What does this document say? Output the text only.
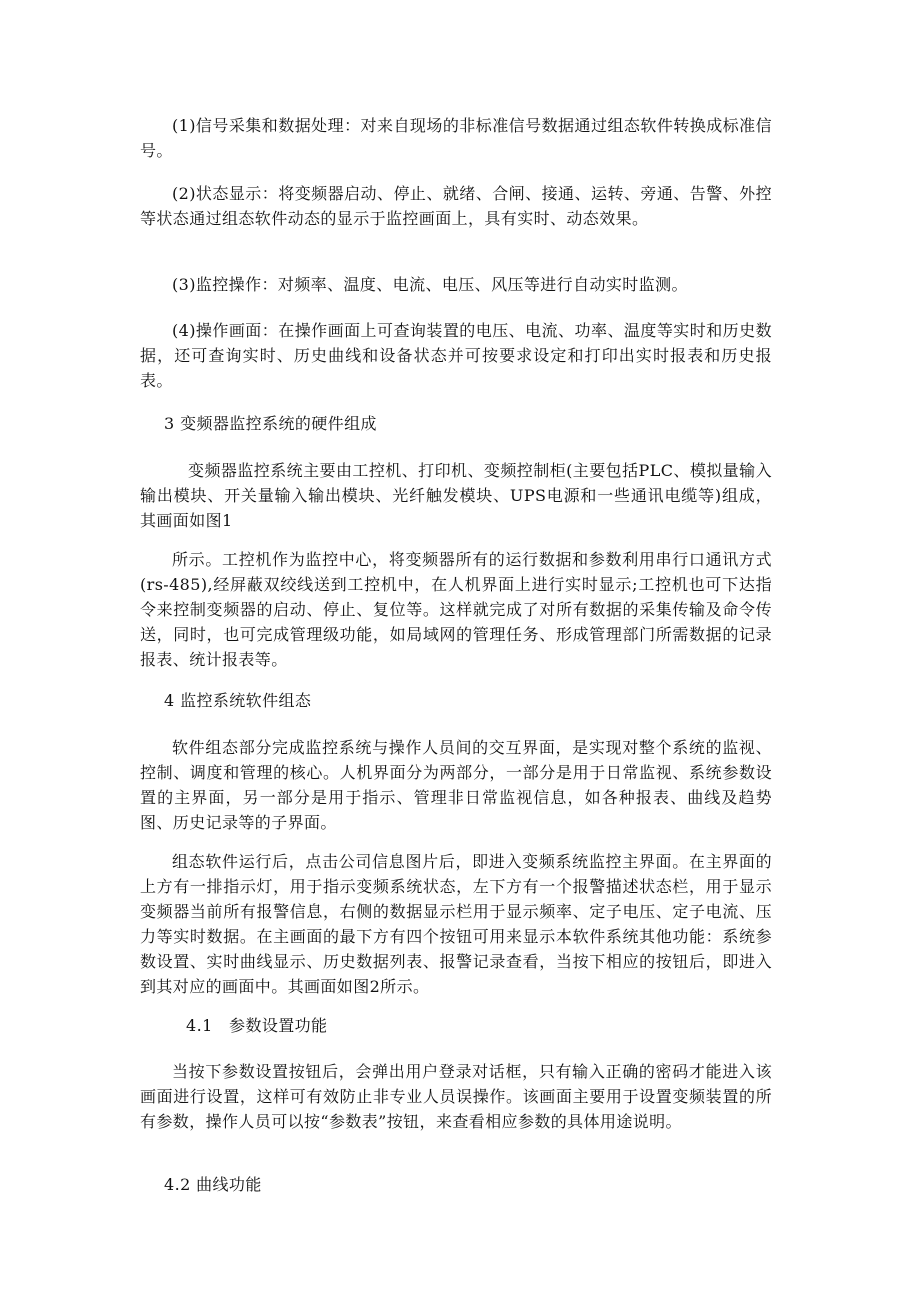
(1)信号采集和数据处理：对来自现场的非标准信号数据通过组态软件转换成标准信号。

(2)状态显示：将变频器启动、停止、就绪、合闸、接通、运转、旁通、告警、外控等状态通过组态软件动态的显示于监控画面上，具有实时、动态效果。

(3)监控操作：对频率、温度、电流、电压、风压等进行自动实时监测。

(4)操作画面：在操作画面上可查询装置的电压、电流、功率、温度等实时和历史数据，还可查询实时、历史曲线和设备状态并可按要求设定和打印出实时报表和历史报表。

3 变频器监控系统的硬件组成

变频器监控系统主要由工控机、打印机、变频控制柜(主要包括PLC、模拟量输入输出模块、开关量输入输出模块、光纤触发模块、UPS电源和一些通讯电缆等)组成，其画面如图1

所示。工控机作为监控中心，将变频器所有的运行数据和参数利用串行口通讯方式(rs-485),经屏蔽双绞线送到工控机中，在人机界面上进行实时显示;工控机也可下达指令来控制变频器的启动、停止、复位等。这样就完成了对所有数据的采集传输及命令传送，同时，也可完成管理级功能，如局域网的管理任务、形成管理部门所需数据的记录报表、统计报表等。

4 监控系统软件组态

软件组态部分完成监控系统与操作人员间的交互界面，是实现对整个系统的监视、控制、调度和管理的核心。人机界面分为两部分，一部分是用于日常监视、系统参数设置的主界面，另一部分是用于指示、管理非日常监视信息，如各种报表、曲线及趋势图、历史记录等的子界面。

组态软件运行后，点击公司信息图片后，即进入变频系统监控主界面。在主界面的上方有一排指示灯，用于指示变频系统状态，左下方有一个报警描述状态栏，用于显示变频器当前所有报警信息，右侧的数据显示栏用于显示频率、定子电压、定子电流、压力等实时数据。在主画面的最下方有四个按钮可用来显示本软件系统其他功能：系统参数设置、实时曲线显示、历史数据列表、报警记录查看，当按下相应的按钮后，即进入到其对应的画面中。其画面如图2所示。

4.1　参数设置功能

当按下参数设置按钮后，会弹出用户登录对话框，只有输入正确的密码才能进入该画面进行设置，这样可有效防止非专业人员误操作。该画面主要用于设置变频装置的所有参数，操作人员可以按“参数表”按钮，来查看相应参数的具体用途说明。

4.2 曲线功能
